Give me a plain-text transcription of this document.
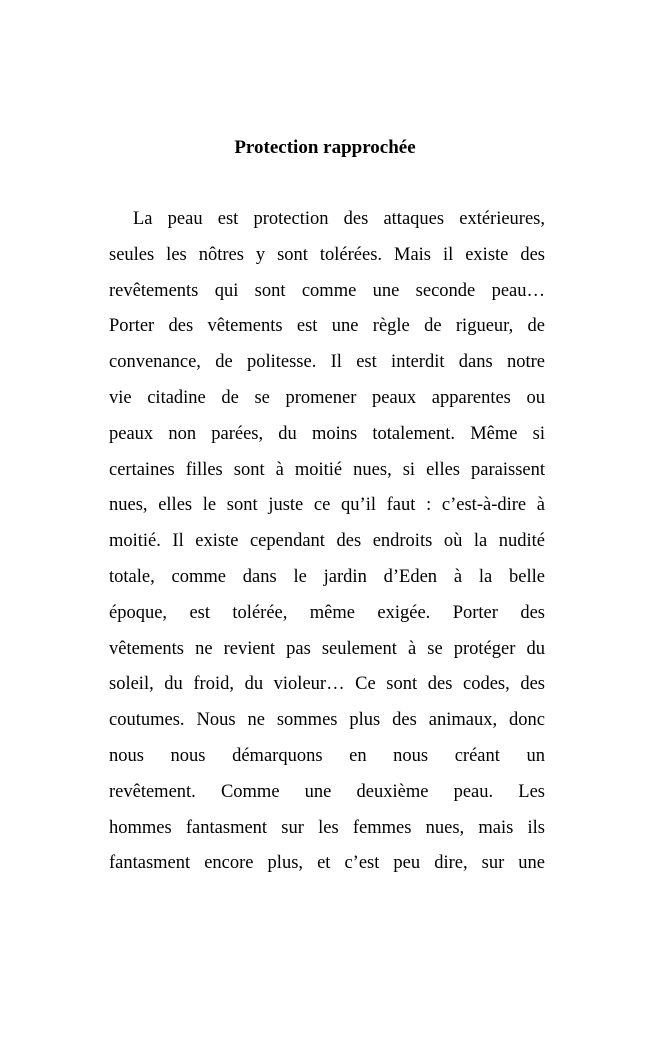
Protection rapprochée
La peau est protection des attaques extérieures,
seules les nôtres y sont tolérées. Mais il existe des
revêtements qui sont comme une seconde peau…
Porter des vêtements est une règle de rigueur, de
convenance, de politesse. Il est interdit dans notre
vie citadine de se promener peaux apparentes ou
peaux non parées, du moins totalement. Même si
certaines filles sont à moitié nues, si elles paraissent
nues, elles le sont juste ce qu’il faut : c’est-à-dire à
moitié. Il existe cependant des endroits où la nudité
totale, comme dans le jardin d’Eden à la belle
époque, est tolérée, même exigée. Porter des
vêtements ne revient pas seulement à se protéger du
soleil, du froid, du violeur… Ce sont des codes, des
coutumes. Nous ne sommes plus des animaux, donc
nous nous démarquons en nous créant un
revêtement. Comme une deuxième peau. Les
hommes fantasment sur les femmes nues, mais ils
fantasment encore plus, et c’est peu dire, sur une
